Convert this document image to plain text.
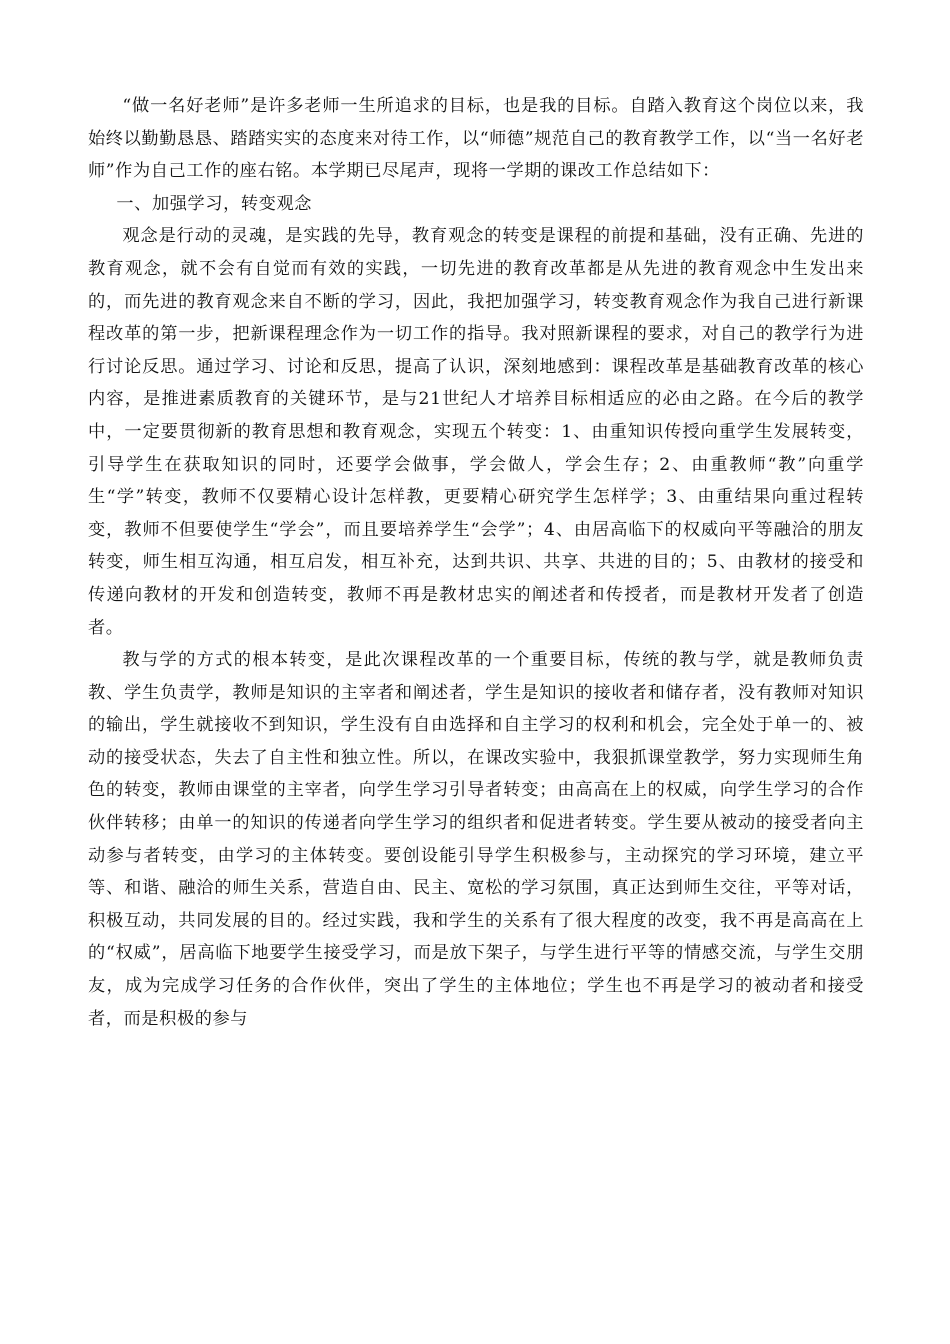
“做一名好老师”是许多老师一生所追求的目标，也是我的目标。自踏入教育这个岗位以来，我始终以勤勤恳恳、踏踏实实的态度来对待工作，以“师德”规范自己的教育教学工作，以“当一名好老师”作为自己工作的座右铭。本学期已尽尾声，现将一学期的课改工作总结如下：

一、加强学习，转变观念

观念是行动的灵魂，是实践的先导，教育观念的转变是课程的前提和基础，没有正确、先进的教育观念，就不会有自觉而有效的实践，一切先进的教育改革都是从先进的教育观念中生发出来的，而先进的教育观念来自不断的学习，因此，我把加强学习，转变教育观念作为我自己进行新课程改革的第一步，把新课程理念作为一切工作的指导。我对照新课程的要求，对自己的教学行为进行讨论反思。通过学习、讨论和反思，提高了认识，深刻地感到：课程改革是基础教育改革的核心内容，是推进素质教育的关键环节，是与21世纪人才培养目标相适应的必由之路。在今后的教学中，一定要贯彻新的教育思想和教育观念，实现五个转变：1、由重知识传授向重学生发展转变，引导学生在获取知识的同时，还要学会做事，学会做人，学会生存；2、由重教师“教”向重学生“学”转变，教师不仅要精心设计怎样教，更要精心研究学生怎样学；3、由重结果向重过程转变，教师不但要使学生“学会”，而且要培养学生“会学”；4、由居高临下的权威向平等融洽的朋友转变，师生相互沟通，相互启发，相互补充，达到共识、共享、共进的目的；5、由教材的接受和传递向教材的开发和创造转变，教师不再是教材忠实的阐述者和传授者，而是教材开发者了创造者。

教与学的方式的根本转变，是此次课程改革的一个重要目标，传统的教与学，就是教师负责教、学生负责学，教师是知识的主宰者和阐述者，学生是知识的接收者和储存者，没有教师对知识的输出，学生就接收不到知识，学生没有自由选择和自主学习的权利和机会，完全处于单一的、被动的接受状态，失去了自主性和独立性。所以，在课改实验中，我狠抓课堂教学，努力实现师生角色的转变，教师由课堂的主宰者，向学生学习引导者转变；由高高在上的权威，向学生学习的合作伙伴转移；由单一的知识的传递者向学生学习的组织者和促进者转变。学生要从被动的接受者向主动参与者转变，由学习的主体转变。要创设能引导学生积极参与，主动探究的学习环境，建立平等、和谐、融洽的师生关系，营造自由、民主、宽松的学习氛围，真正达到师生交往，平等对话，积极互动，共同发展的目的。经过实践，我和学生的关系有了很大程度的改变，我不再是高高在上的“权威”，居高临下地要学生接受学习，而是放下架子，与学生进行平等的情感交流，与学生交朋友，成为完成学习任务的合作伙伴，突出了学生的主体地位；学生也不再是学习的被动者和接受者，而是积极的参与
